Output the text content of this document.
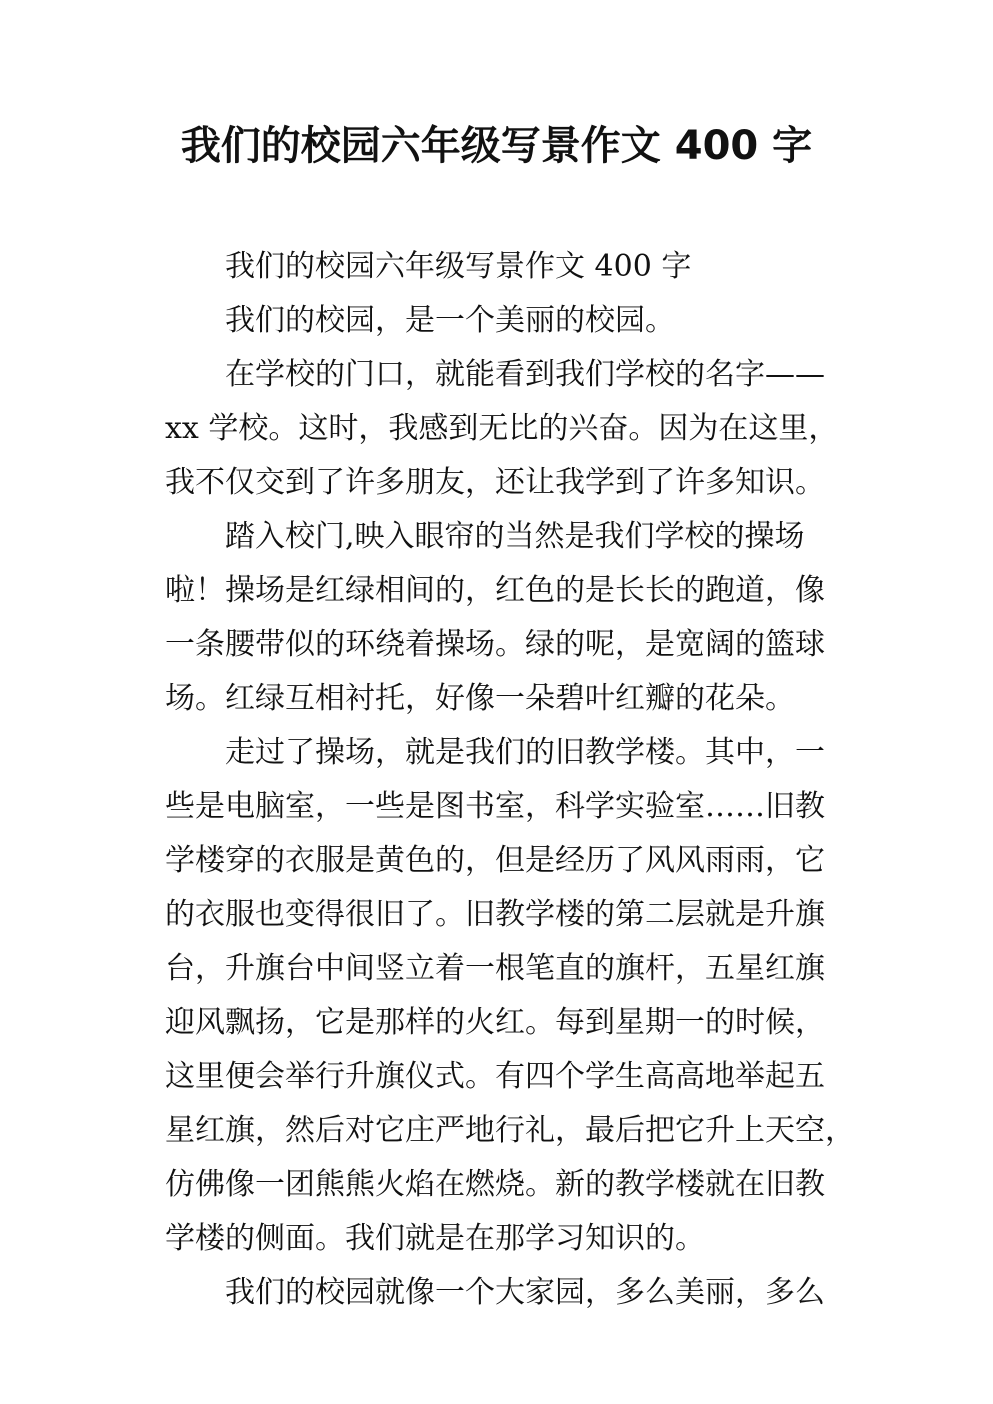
我们的校园六年级写景作文 400 字
我们的校园六年级写景作文 400 字
我们的校园，是一个美丽的校园。
在学校的门口，就能看到我们学校的名字——
xx 学校。这时，我感到无比的兴奋。因为在这里，
我不仅交到了许多朋友，还让我学到了许多知识。
踏入校门,映入眼帘的当然是我们学校的操场
啦！操场是红绿相间的，红色的是长长的跑道，像
一条腰带似的环绕着操场。绿的呢，是宽阔的篮球
场。红绿互相衬托，好像一朵碧叶红瓣的花朵。
走过了操场，就是我们的旧教学楼。其中，一
些是电脑室，一些是图书室，科学实验室……旧教
学楼穿的衣服是黄色的，但是经历了风风雨雨，它
的衣服也变得很旧了。旧教学楼的第二层就是升旗
台，升旗台中间竖立着一根笔直的旗杆，五星红旗
迎风飘扬，它是那样的火红。每到星期一的时候，
这里便会举行升旗仪式。有四个学生高高地举起五
星红旗，然后对它庄严地行礼，最后把它升上天空，
仿佛像一团熊熊火焰在燃烧。新的教学楼就在旧教
学楼的侧面。我们就是在那学习知识的。
我们的校园就像一个大家园，多么美丽，多么
